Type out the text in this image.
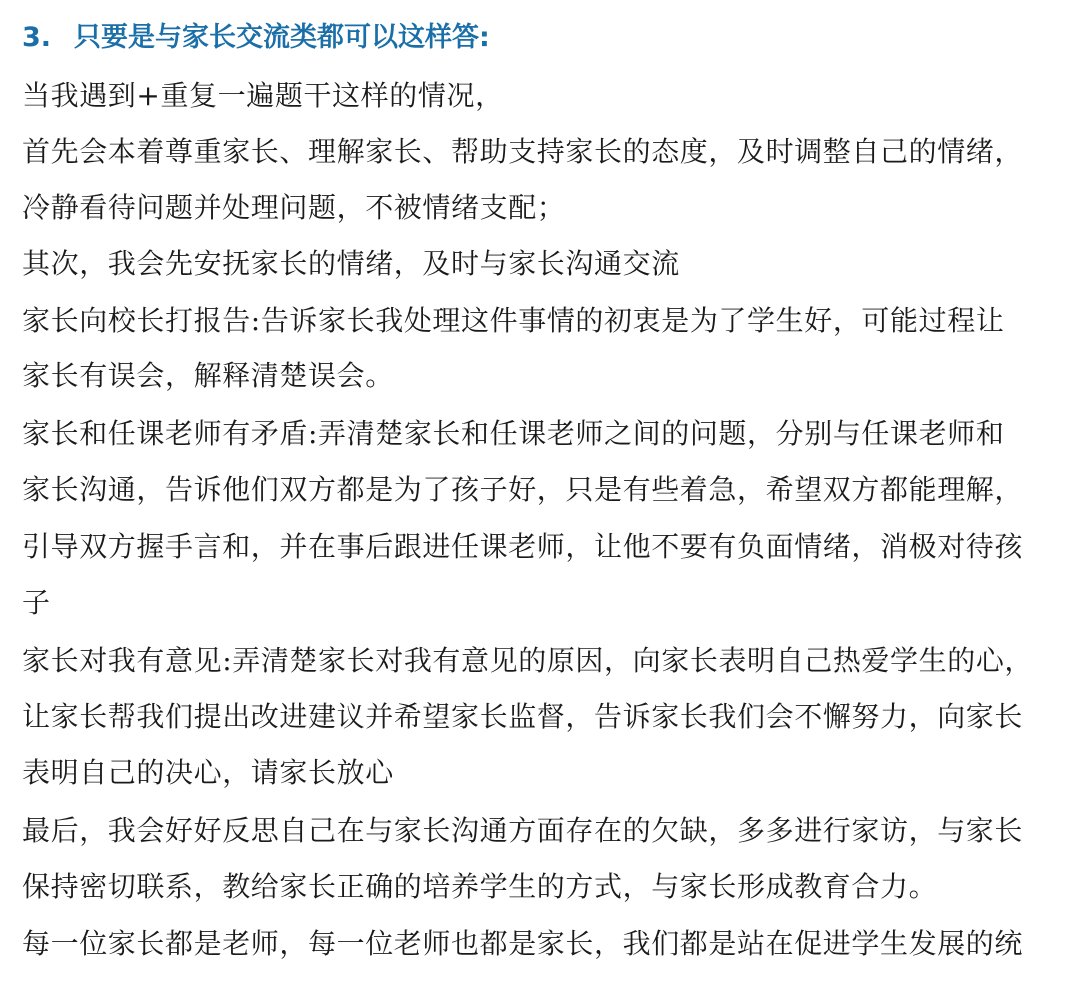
3. 只要是与家长交流类都可以这样答:
当我遇到+重复一遍题干这样的情况，
首先会本着尊重家长、理解家长、帮助支持家长的态度，及时调整自己的情绪，
冷静看待问题并处理问题，不被情绪支配；
其次，我会先安抚家长的情绪，及时与家长沟通交流
家长向校长打报告:告诉家长我处理这件事情的初衷是为了学生好，可能过程让
家长有误会，解释清楚误会。
家长和任课老师有矛盾:弄清楚家长和任课老师之间的问题，分别与任课老师和
家长沟通，告诉他们双方都是为了孩子好，只是有些着急，希望双方都能理解，
引导双方握手言和，并在事后跟进任课老师，让他不要有负面情绪，消极对待孩
子
家长对我有意见:弄清楚家长对我有意见的原因，向家长表明自己热爱学生的心，
让家长帮我们提出改进建议并希望家长监督，告诉家长我们会不懈努力，向家长
表明自己的决心，请家长放心
最后，我会好好反思自己在与家长沟通方面存在的欠缺，多多进行家访，与家长
保持密切联系，教给家长正确的培养学生的方式，与家长形成教育合力。
每一位家长都是老师，每一位老师也都是家长，我们都是站在促进学生发展的统
